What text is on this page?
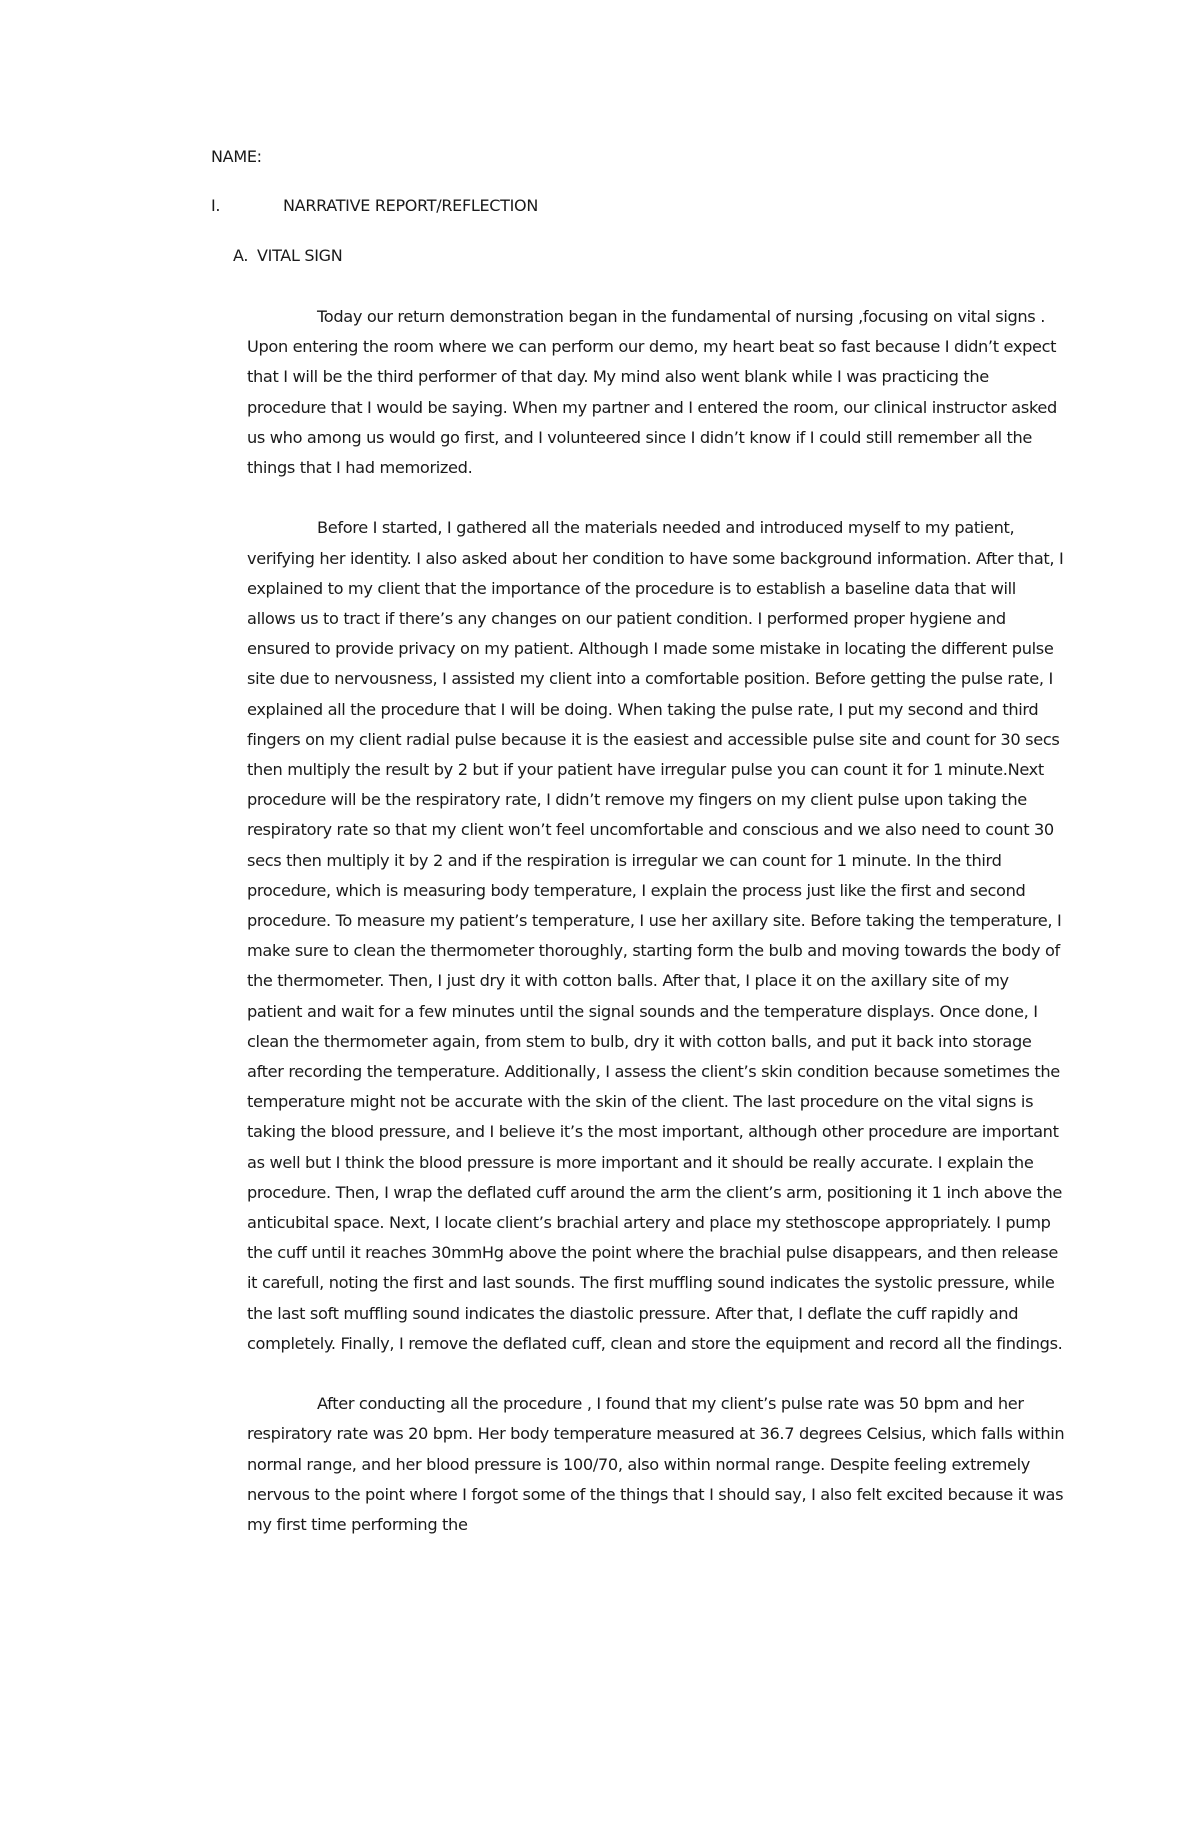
NAME:
I.	NARRATIVE REPORT/REFLECTION
A. VITAL SIGN

Today our return demonstration began in the fundamental of nursing ,focusing on vital signs . Upon entering the room where we can perform our demo, my heart beat so fast because I didn’t expect that I will be the third performer of that day. My mind also went blank while I was practicing the procedure that I would be saying. When my partner and I entered the room, our clinical instructor asked us who among us would go first, and I volunteered since I didn’t know if I could still remember all the things that I had memorized.

Before I started, I gathered all the materials needed and introduced myself to my patient, verifying her identity. I also asked about her condition to have some background information. After that, I explained to my client that the importance of the procedure is to establish a baseline data that will allows us to tract if there’s any changes on our patient condition. I performed proper hygiene and ensured to provide privacy on my patient. Although I made some mistake in locating the different pulse site due to nervousness, I assisted my client into a comfortable position. Before getting the pulse rate, I explained all the procedure that I will be doing. When taking the pulse rate, I put my second and third fingers on my client radial pulse because it is the easiest and accessible pulse site and count for 30 secs then multiply the result by 2 but if your patient have irregular pulse you can count it for 1 minute.Next procedure will be the respiratory rate, I didn’t remove my fingers on my client pulse upon taking the respiratory rate so that my client won’t feel uncomfortable and conscious and we also need to count 30 secs then multiply it by 2 and if the respiration is irregular we can count for 1 minute. In the third procedure, which is measuring body temperature, I explain the process just like the first and second procedure. To measure my patient’s temperature, I use her axillary site. Before taking the temperature, I make sure to clean the thermometer thoroughly, starting form the bulb and moving towards the body of the thermometer. Then, I just dry it with cotton balls. After that, I place it on the axillary site of my patient and wait for a few minutes until the signal sounds and the temperature displays. Once done, I clean the thermometer again, from stem to bulb, dry it with cotton balls, and put it back into storage after recording the temperature. Additionally, I assess the client’s skin condition because sometimes the temperature might not be accurate with the skin of the client. The last procedure on the vital signs is taking the blood pressure, and I believe it’s the most important, although other procedure are important as well but I think the blood pressure is more important and it should be really accurate. I explain the procedure. Then, I wrap the deflated cuff around the arm the client’s arm, positioning it 1 inch above the anticubital space. Next, I locate client’s brachial artery and place my stethoscope appropriately. I pump the cuff until it reaches 30mmHg above the point where the brachial pulse disappears, and then release it carefull, noting the first and last sounds. The first muffling sound indicates the systolic pressure, while the last soft muffling sound indicates the diastolic pressure. After that, I deflate the cuff rapidly and completely. Finally, I remove the deflated cuff, clean and store the equipment and record all the findings.

After conducting all the procedure , I found that my client’s pulse rate was 50 bpm and her respiratory rate was 20 bpm. Her body temperature measured at 36.7 degrees Celsius, which falls within normal range, and her blood pressure is 100/70, also within normal range. Despite feeling extremely nervous to the point where I forgot some of the things that I should say, I also felt excited because it was my first time performing the
